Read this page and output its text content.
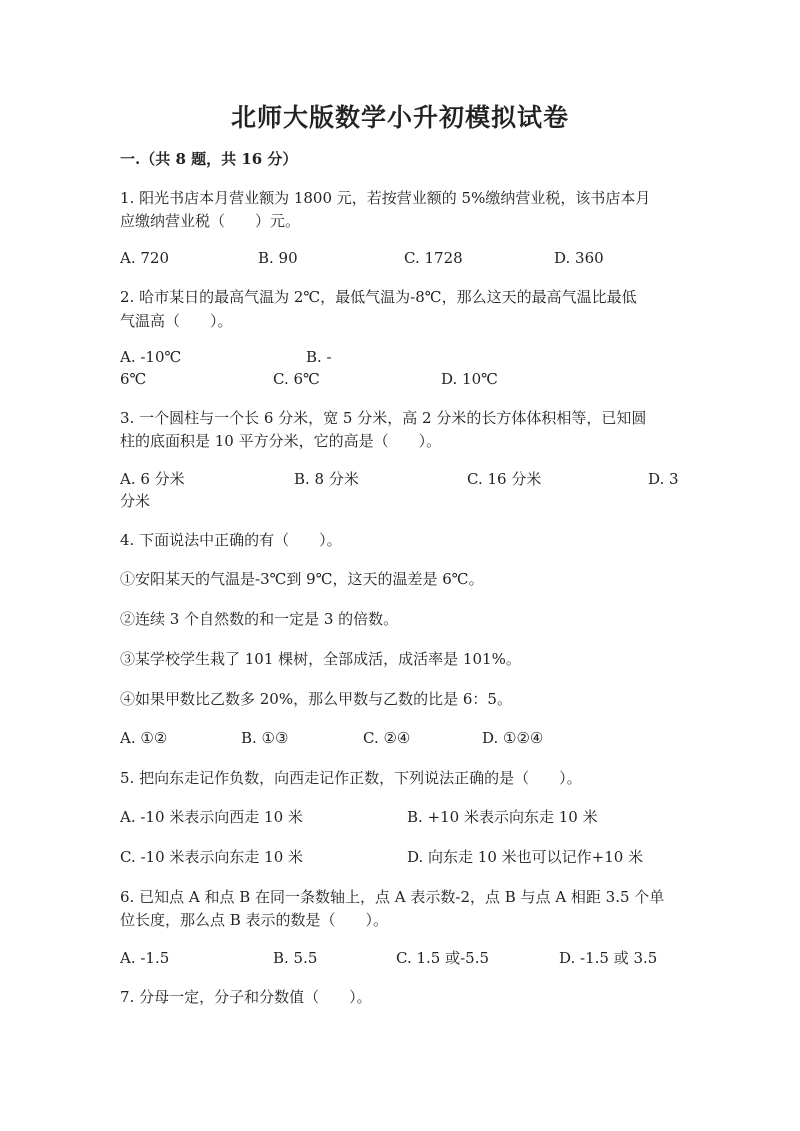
北师大版数学小升初模拟试卷
一.（共 8 题，共 16 分）
1. 阳光书店本月营业额为 1800 元，若按营业额的 5%缴纳营业税，该书店本月
应缴纳营业税（　　）元。
A. 720	B. 90	C. 1728	D. 360
2. 哈市某日的最高气温为 2℃，最低气温为-8℃，那么这天的最高气温比最低
气温高（　　）。
A. -10℃	B. -
6℃	C. 6℃	D. 10℃
3. 一个圆柱与一个长 6 分米，宽 5 分米，高 2 分米的长方体体积相等，已知圆
柱的底面积是 10 平方分米，它的高是（　　）。
A. 6 分米	B. 8 分米	C. 16 分米	D. 3
分米
4. 下面说法中正确的有（　　）。
①安阳某天的气温是-3℃到 9℃，这天的温差是 6℃。
②连续 3 个自然数的和一定是 3 的倍数。
③某学校学生栽了 101 棵树，全部成活，成活率是 101%。
④如果甲数比乙数多 20%，那么甲数与乙数的比是 6：5。
A. ①②	B. ①③	C. ②④	D. ①②④
5. 把向东走记作负数，向西走记作正数，下列说法正确的是（　　）。
A. -10 米表示向西走 10 米	B. +10 米表示向东走 10 米
C. -10 米表示向东走 10 米	D. 向东走 10 米也可以记作+10 米
6. 已知点 A 和点 B 在同一条数轴上，点 A 表示数-2，点 B 与点 A 相距 3.5 个单
位长度，那么点 B 表示的数是（　　）。
A. -1.5	B. 5.5	C. 1.5 或-5.5	D. -1.5 或 3.5
7. 分母一定，分子和分数值（　　）。
